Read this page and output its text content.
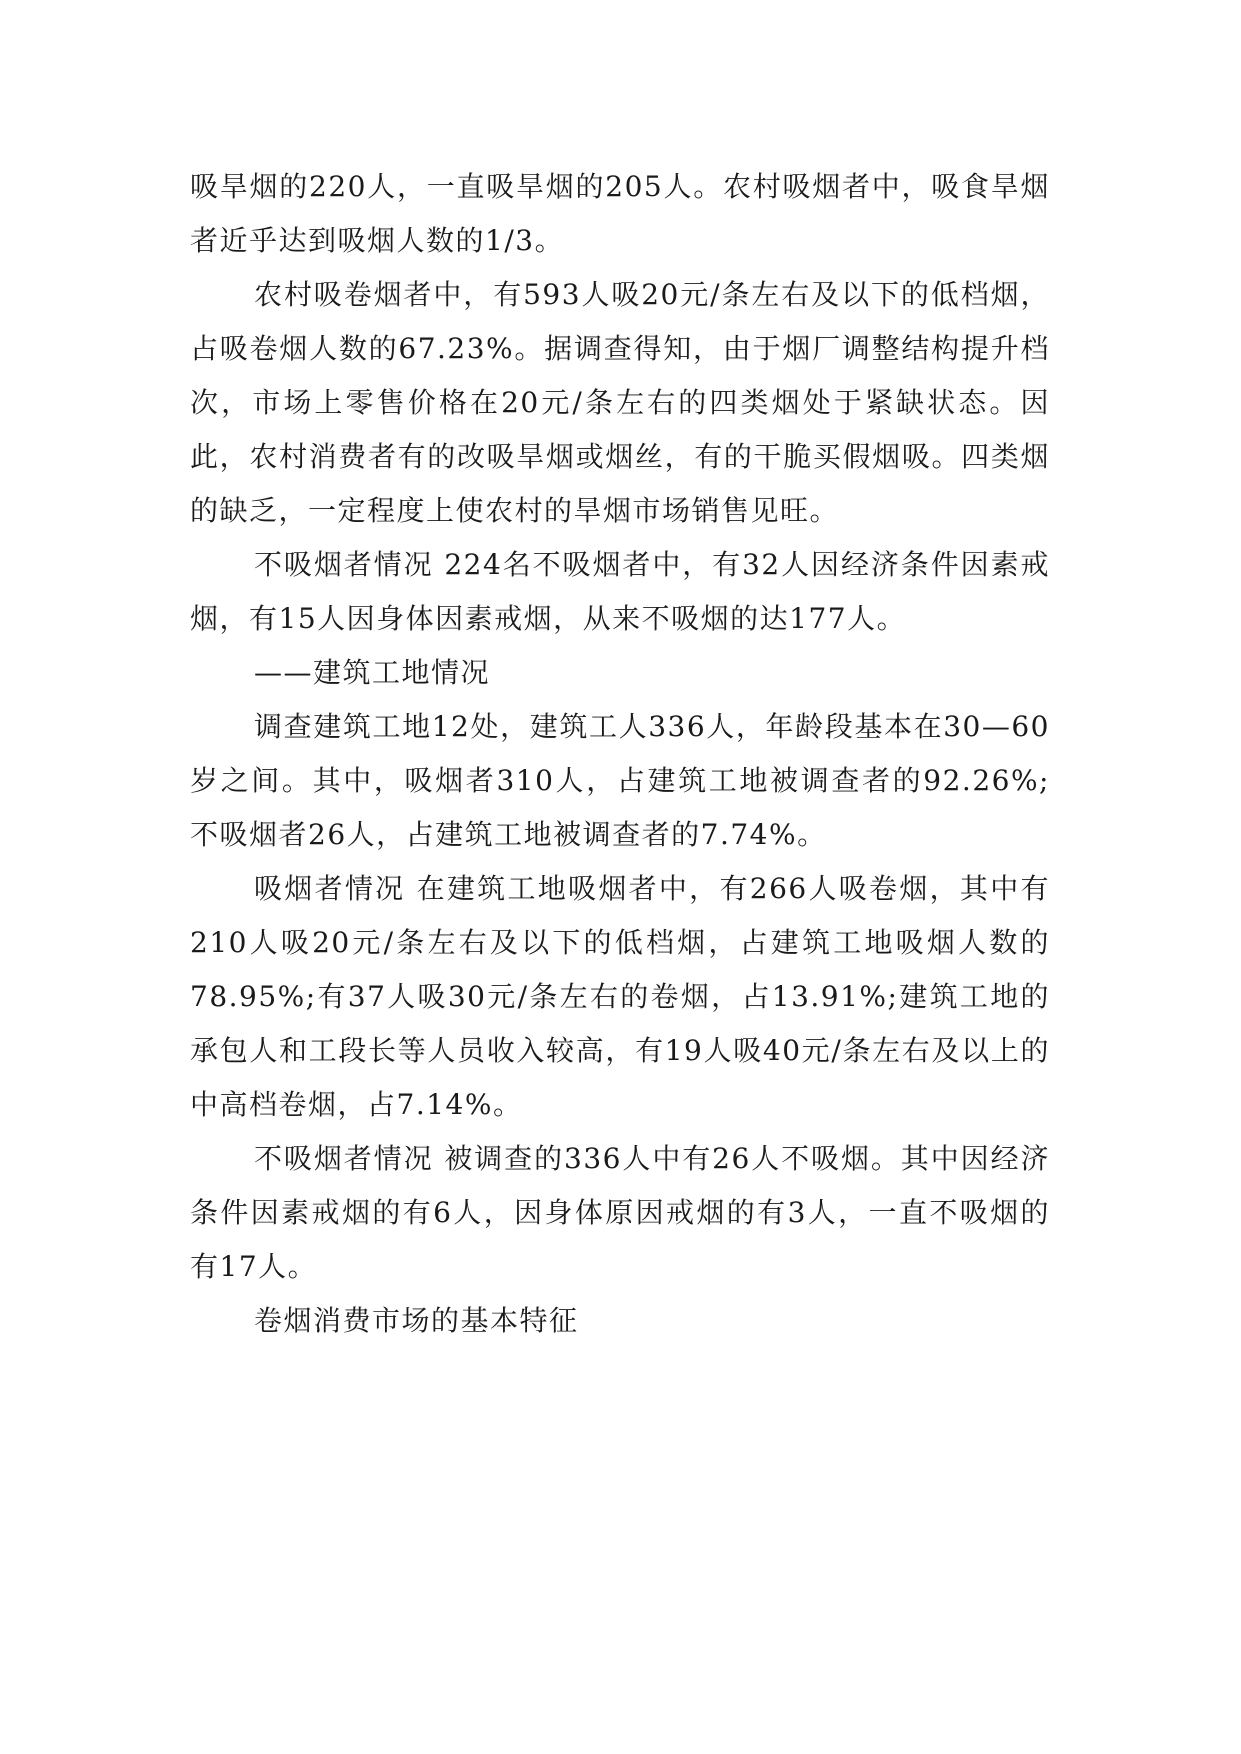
吸旱烟的220人，一直吸旱烟的205人。农村吸烟者中，吸食旱烟者近乎达到吸烟人数的1/3。

农村吸卷烟者中，有593人吸20元/条左右及以下的低档烟，占吸卷烟人数的67.23%。据调查得知，由于烟厂调整结构提升档次，市场上零售价格在20元/条左右的四类烟处于紧缺状态。因此，农村消费者有的改吸旱烟或烟丝，有的干脆买假烟吸。四类烟的缺乏，一定程度上使农村的旱烟市场销售见旺。

不吸烟者情况 224名不吸烟者中，有32人因经济条件因素戒烟，有15人因身体因素戒烟，从来不吸烟的达177人。

——建筑工地情况

调查建筑工地12处，建筑工人336人，年龄段基本在30—60岁之间。其中，吸烟者310人，占建筑工地被调查者的92.26%;不吸烟者26人，占建筑工地被调查者的7.74%。

吸烟者情况 在建筑工地吸烟者中，有266人吸卷烟，其中有210人吸20元/条左右及以下的低档烟，占建筑工地吸烟人数的78.95%;有37人吸30元/条左右的卷烟，占13.91%;建筑工地的承包人和工段长等人员收入较高，有19人吸40元/条左右及以上的中高档卷烟，占7.14%。

不吸烟者情况 被调查的336人中有26人不吸烟。其中因经济条件因素戒烟的有6人，因身体原因戒烟的有3人，一直不吸烟的有17人。

卷烟消费市场的基本特征
